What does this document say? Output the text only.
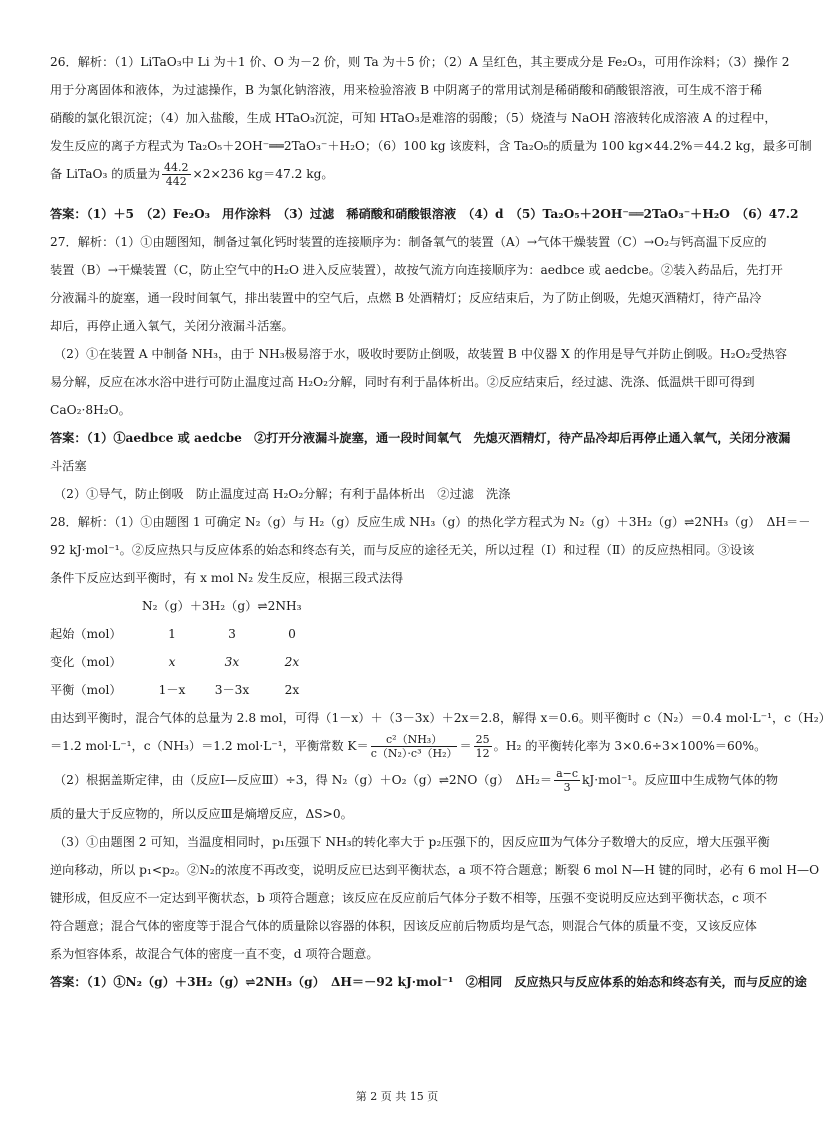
26．解析：（1）LiTaO₃中 Li 为＋1 价、O 为－2 价，则 Ta 为＋5 价；（2）A 呈红色，其主要成分是 Fe₂O₃，可用作涂料；（3）操作 2
用于分离固体和液体，为过滤操作，B 为氯化钠溶液，用来检验溶液 B 中阴离子的常用试剂是稀硝酸和硝酸银溶液，可生成不溶于稀
硝酸的氯化银沉淀；（4）加入盐酸，生成 HTaO₃沉淀，可知 HTaO₃是难溶的弱酸；（5）烧渣与 NaOH 溶液转化成溶液 A 的过程中，
发生反应的离子方程式为 Ta₂O₅＋2OH⁻══2TaO₃⁻＋H₂O；（6）100 kg 该废料，含 Ta₂O₅的质量为 100 kg×44.2%＝44.2 kg，最多可制
备 LiTaO₃ 的质量为 $\frac{44.2}{442} \times 2\times 236$ kg＝47.2 kg。
答案：（1）＋5　（2）Fe₂O₃　用作涂料　（3）过滤　稀硝酸和硝酸银溶液　（4）d　（5）Ta₂O₅＋2OH⁻══2TaO₃⁻＋H₂O　（6）47.2
27．解析：（1）①由题图知，制备过氧化钙时装置的连接顺序为：制备氧气的装置（A）→气体干燥装置（C）→O₂与钙高温下反应的
装置（B）→干燥装置（C，防止空气中的H₂O 进入反应装置），故按气流方向连接顺序为：aedbce 或 aedcbe。②装入药品后，先打开
分液漏斗的旋塞，通一段时间氧气，排出装置中的空气后，点燃 B 处酒精灯；反应结束后，为了防止倒吸，先熄灭酒精灯，待产品冷
却后，再停止通入氧气，关闭分液漏斗活塞。
（2）①在装置 A 中制备 NH₃，由于 NH₃极易溶于水，吸收时要防止倒吸，故装置 B 中仪器 X 的作用是导气并防止倒吸。H₂O₂受热容
易分解，反应在冰水浴中进行可防止温度过高 H₂O₂分解，同时有利于晶体析出。②反应结束后，经过滤、洗涤、低温烘干即可得到
CaO₂·8H₂O。
答案：（1）①aedbce 或 aedcbe　②打开分液漏斗旋塞，通一段时间氧气　先熄灭酒精灯，待产品冷却后再停止通入氧气，关闭分液漏
斗活塞
（2）①导气，防止倒吸　防止温度过高 H₂O₂分解；有利于晶体析出　②过滤　洗涤
28．解析：（1）①由题图 1 可确定 N₂（g）与 H₂（g）反应生成 NH₃（g）的热化学方程式为 N₂（g）＋3H₂（g）⇌2NH₃（g）　ΔH＝－
92 kJ·mol⁻¹。②反应热只与反应体系的始态和终态有关，而与反应的途径无关，所以过程（Ⅰ）和过程（Ⅱ）的反应热相同。③设该
条件下反应达到平衡时，有 x mol N₂ 发生反应，根据三段式法得
N₂（g）＋3H₂（g）⇌2NH₃
起始（mol）	1	3	0
变化（mol）	x	3x	2x
平衡（mol）	1－x	3－3x	2x
由达到平衡时，混合气体的总量为 2.8 mol，可得（1－x）＋（3－3x）＋2x＝2.8，解得 x＝0.6。则平衡时 c（N₂）＝0.4 mol·L⁻¹，c（H₂）
＝1.2 mol·L⁻¹，c（NH₃）＝1.2 mol·L⁻¹，平衡常数 $K= \frac{\text{c²（NH₃）}}{\text{c（N₂）·c³（H₂）}} = \frac{25}{12}$ 。H₂ 的平衡转化率为 3×0.6÷3×100%＝60%。
（2）根据盖斯定律，由（反应Ⅰ—反应Ⅲ）÷3，得 N₂（g）＋O₂（g）⇌2NO（g）　$\Delta H_2= \frac{a-c}{3} kJ\cdot mol^{-1}$。反应Ⅲ中生成物气体的物
质的量大于反应物的，所以反应Ⅲ是熵增反应，ΔS>0。
（3）①由题图 2 可知，当温度相同时，p₁压强下 NH₃的转化率大于 p₂压强下的，因反应Ⅲ为气体分子数增大的反应，增大压强平衡
逆向移动，所以 p₁<p₂。②N₂的浓度不再改变，说明反应已达到平衡状态，a 项不符合题意；断裂 6 mol N—H 键的同时，必有 6 mol H—O
键形成，但反应不一定达到平衡状态，b 项符合题意；该反应在反应前后气体分子数不相等，压强不变说明反应达到平衡状态，c 项不
符合题意；混合气体的密度等于混合气体的质量除以容器的体积，因该反应前后物质均是气态，则混合气体的质量不变，又该反应体
系为恒容体系，故混合气体的密度一直不变，d 项符合题意。
答案：（1）①N₂（g）＋3H₂（g）⇌2NH₃（g）　ΔH＝－92 kJ·mol⁻¹　②相同　反应热只与反应体系的始态和终态有关，而与反应的途
第 2 页 共 15 页
